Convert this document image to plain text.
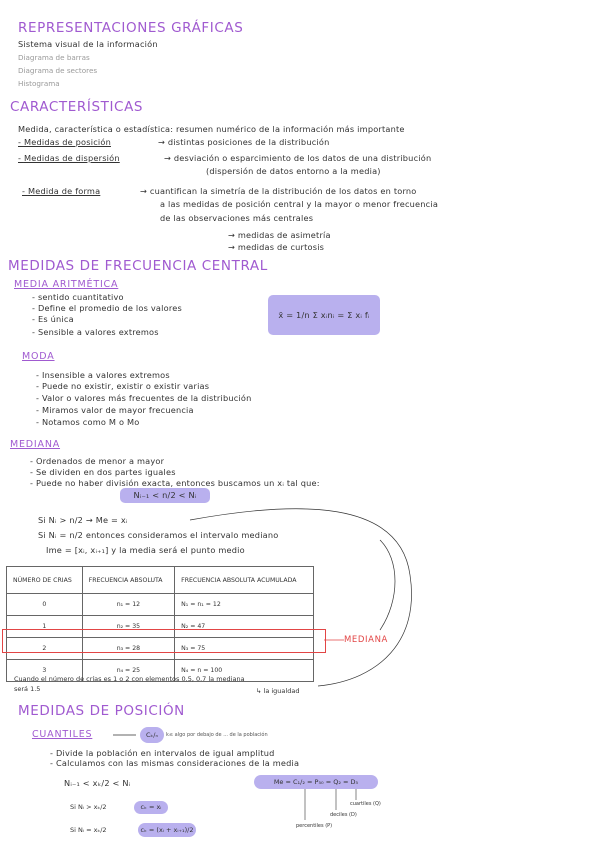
REPRESENTACIONES GRÁFICAS
Sistema visual de la información
Diagrama de barras
Diagrama de sectores
Histograma
CARACTERÍSTICAS
Medida, característica o estadística: resumen numérico de la información más importante
- Medidas de posición	→ distintas posiciones de la distribución
- Medidas de dispersión	→ desviación o esparcimiento de los datos de una distribución
(dispersión de datos entorno a la media)
- Medida de forma	→ cuantifican la simetría de la distribución de los datos en torno
a las medidas de posición central y la mayor o menor frecuencia
de las observaciones más centrales
→ medidas de asimetría
→ medidas de curtosis
MEDIDAS DE FRECUENCIA CENTRAL
MEDIA ARITMÉTICA
- sentido cuantitativo
- Define el promedio de los valores
- Es única
- Sensible a valores extremos
x̄ = 1/n Σ xᵢnᵢ = Σ xᵢ fᵢ
MODA
- Insensible a valores extremos
- Puede no existir, existir o existir varias
- Valor o valores más frecuentes de la distribución
- Miramos valor de mayor frecuencia
- Notamos como M o Mo
MEDIANA
- Ordenados de menor a mayor
- Se dividen en dos partes iguales
- Puede no haber división exacta, entonces buscamos un xᵢ tal que:
Nᵢ₋₁ < n/2 < Nᵢ
Si Nᵢ > n/2 → Me = xᵢ
Si Nᵢ = n/2 entonces consideramos el intervalo mediano
Ime = [xᵢ, xᵢ₊₁] y la media será el punto medio
NÚMERO DE CRIAS	FRECUENCIA ABSOLUTA	FRECUENCIA ABSOLUTA ACUMULADA
0	n₁ = 12	N₁ = n₁ = 12
1	n₂ = 35	N₂ = 47
2	n₃ = 28	N₃ = 75
3	n₄ = 25	N₄ = n = 100
MEDIANA
Cuando el número de crías es 1 o 2 con elementos 0.5, 0.7 la mediana
será 1.5	↳ la igualdad
MEDIDAS DE POSICIÓN
CUANTILES	Cₖ/ₙ	k≤ algo por debajo de ... de la población
- Divide la población en intervalos de igual amplitud
- Calculamos con las mismas consideraciones de la media
Nᵢ₋₁ < xₖ/2 < Nᵢ
Si Nᵢ > xₖ/2	cₖ = xᵢ
Si Nᵢ = xₖ/2	cₖ = (xᵢ + xᵢ₊₁)/2
Me = C₁/₂ = P₅₀ = Q₂ = D₅
percentiles (P)
deciles (D)
cuartiles (Q)
